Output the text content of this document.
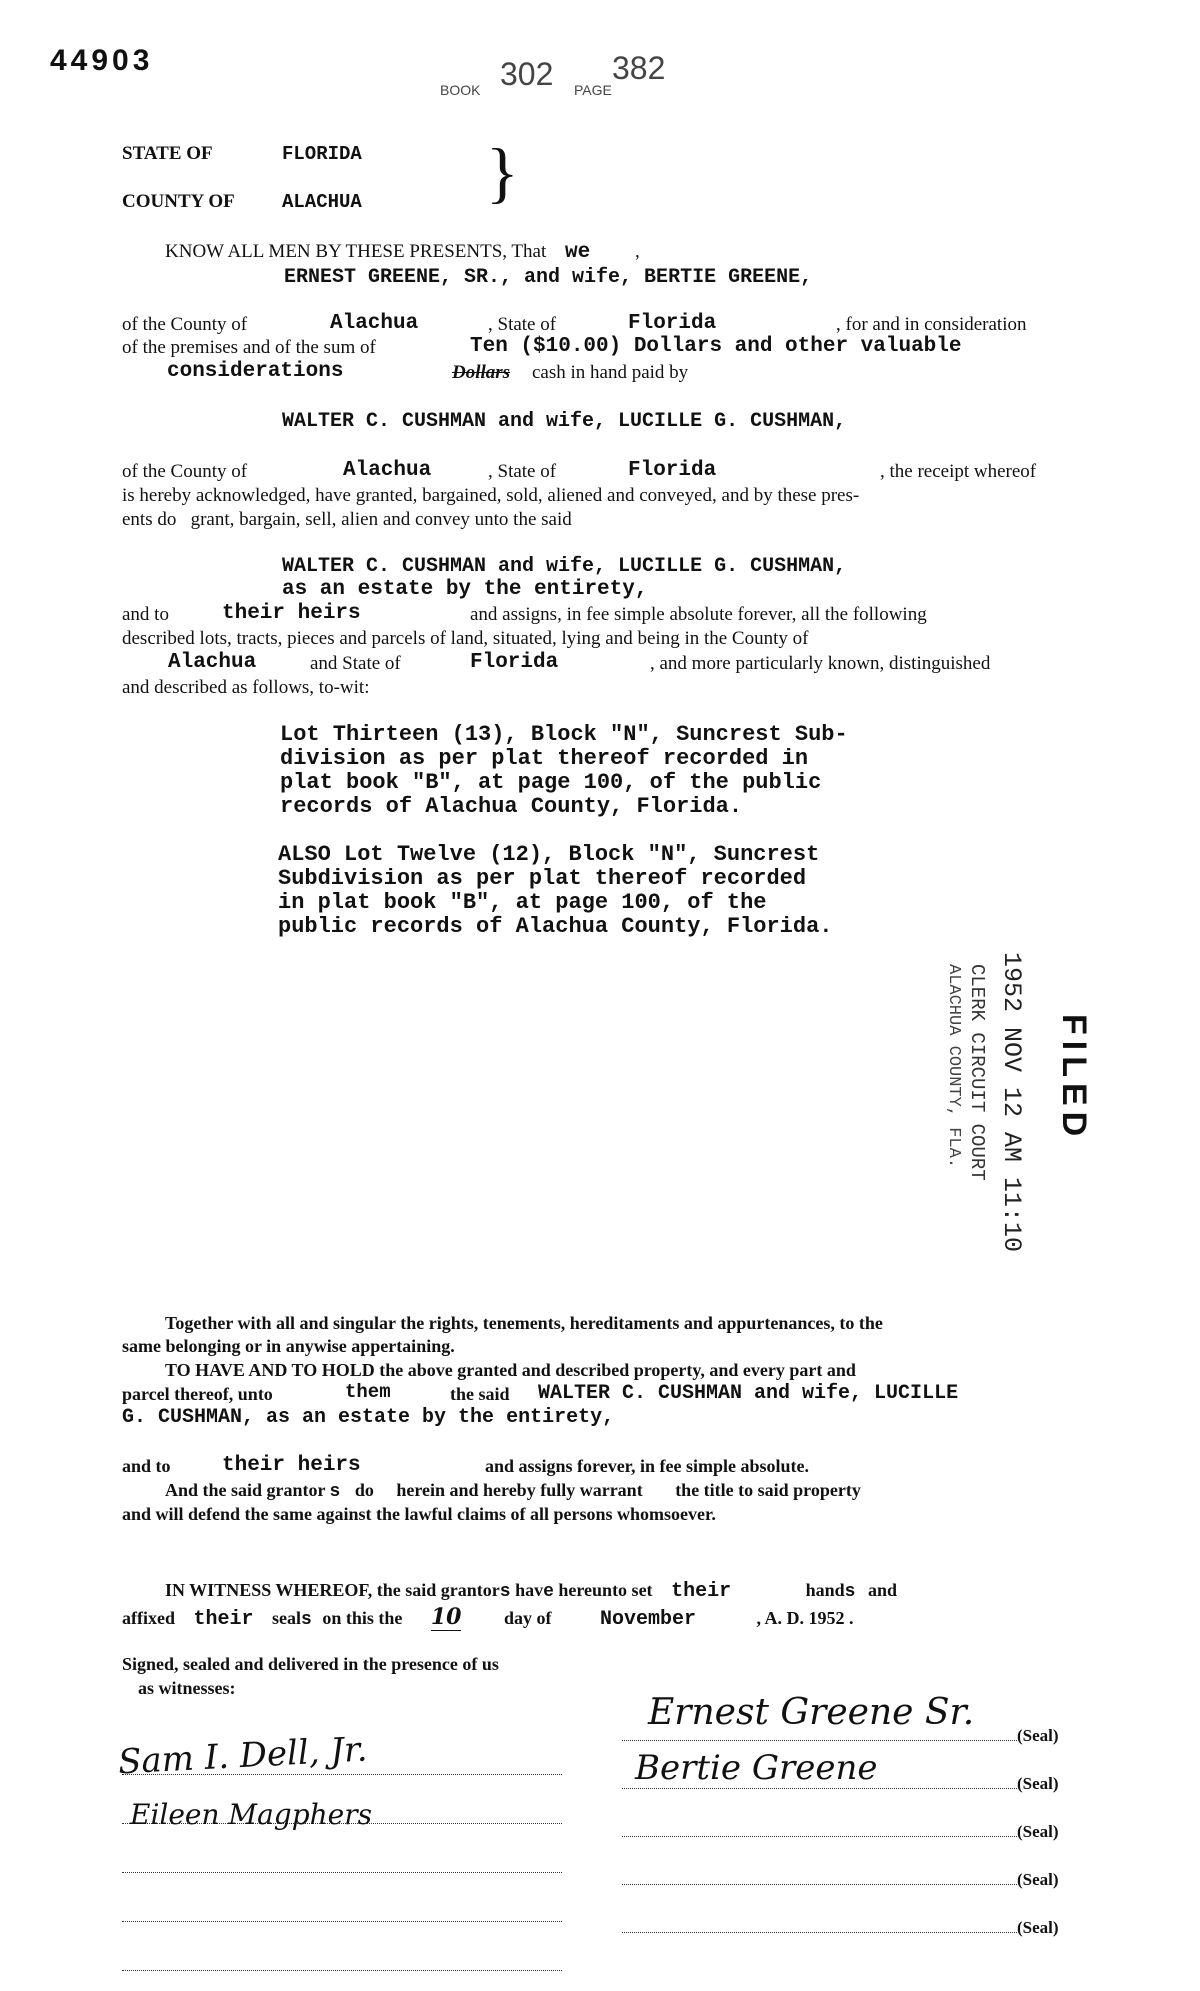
44903
BOOK 302 PAGE
382
STATE OF	FLORIDA
COUNTY OF ALACHUA }
KNOW ALL MEN BY THESE PRESENTS, That we ,
ERNEST GREENE, SR., and wife, BERTIE GREENE,
of the County of	Alachua	, State of	Florida	, for and in consideration
of the premises and of the sum of	Ten ($10.00) Dollars and other valuable
considerations	Dollars cash in hand paid by
WALTER C. CUSHMAN and wife, LUCILLE G. CUSHMAN,
of the County of	Alachua	, State of	Florida	, the receipt whereof
is hereby acknowledged, have granted, bargained, sold, aliened and conveyed, and by these pres-
ents do   grant, bargain, sell, alien and convey unto the said
WALTER C. CUSHMAN and wife, LUCILLE G. CUSHMAN,
as an estate by the entirety,
and to	their heirs	and assigns, in fee simple absolute forever, all the following
described lots, tracts, pieces and parcels of land, situated, lying and being in the County of
Alachua	and State of	Florida	, and more particularly known, distinguished
and described as follows, to-wit:
Lot Thirteen (13), Block "N", Suncrest Sub-
division as per plat thereof recorded in
plat book "B", at page 100, of the public
records of Alachua County, Florida.
ALSO Lot Twelve (12), Block "N", Suncrest
Subdivision as per plat thereof recorded
in plat book "B", at page 100, of the
public records of Alachua County, Florida.
FILED
1952 NOV 12 AM 11:10
CLERK CIRCUIT COURT
ALACHUA COUNTY, FLA.
Together with all and singular the rights, tenements, hereditaments and appurtenances, to the
same belonging or in anywise appertaining.
TO HAVE AND TO HOLD the above granted and described property, and every part and
parcel thereof, unto	them	the said WALTER C. CUSHMAN and wife, LUCILLE
G. CUSHMAN, as an estate by the entirety,
and to their heirs	and assigns forever, in fee simple absolute.
And the said grantor s do herein and hereby fully warrant the title to said property
and will defend the same against the lawful claims of all persons whomsoever.
IN WITNESS WHEREOF, the said grantors have hereunto set their	hands and
affixed their seals on this the 10 day of November	, A. D. 1952 .
Signed, sealed and delivered in the presence of us
as witnesses:
Sam I. Dell, Jr.
Eileen Magphers
(Seal)
(Seal)
(Seal)
(Seal)
(Seal)
Ernest Greene Sr.
Bertie Greene
